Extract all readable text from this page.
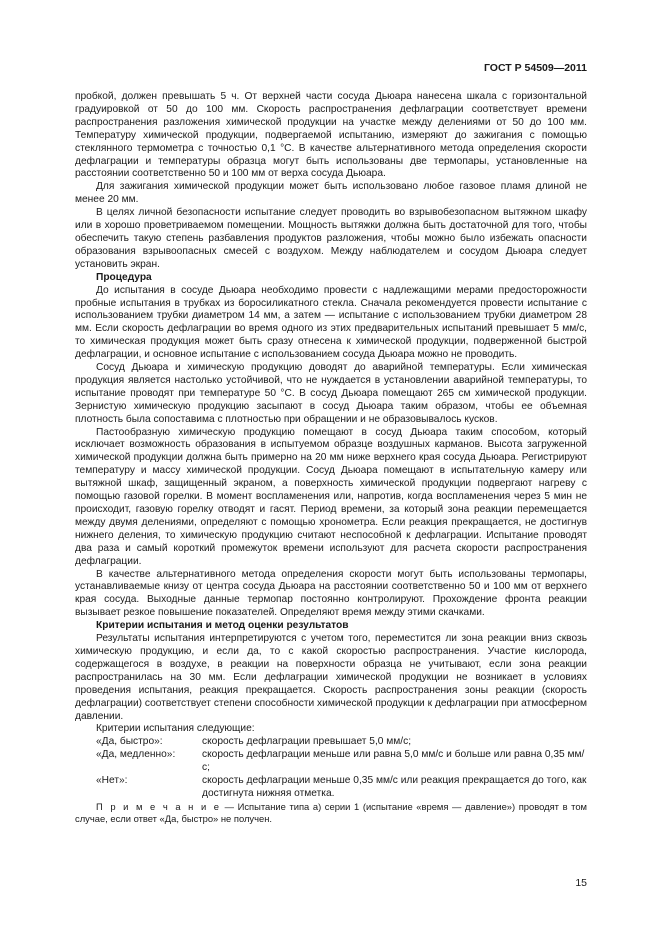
ГОСТ Р 54509—2011

пробкой, должен превышать 5 ч. От верхней части сосуда Дьюара нанесена шкала с горизонтальной градуировкой от 50 до 100 мм. Скорость распространения дефлаграции соответствует времени распространения разложения химической продукции на участке между делениями от 50 до 100 мм. Температуру химической продукции, подвергаемой испытанию, измеряют до зажигания с помощью стеклянного термометра с точностью 0,1 °С. В качестве альтернативного метода определения скорости дефлаграции и температуры образца могут быть использованы две термопары, установленные на расстоянии соответственно 50 и 100 мм от верха сосуда Дьюара.

Для зажигания химической продукции может быть использовано любое газовое пламя длиной не менее 20 мм.

В целях личной безопасности испытание следует проводить во взрывобезопасном вытяжном шкафу или в хорошо проветриваемом помещении. Мощность вытяжки должна быть достаточной для того, чтобы обеспечить такую степень разбавления продуктов разложения, чтобы можно было избежать опасности образования взрывоопасных смесей с воздухом. Между наблюдателем и сосудом Дьюара следует установить экран.

Процедура

До испытания в сосуде Дьюара необходимо провести с надлежащими мерами предосторожности пробные испытания в трубках из боросиликатного стекла. Сначала рекомендуется провести испытание с использованием трубки диаметром 14 мм, а затем — испытание с использованием трубки диаметром 28 мм. Если скорость дефлаграции во время одного из этих предварительных испытаний превышает 5 мм/с, то химическая продукция может быть сразу отнесена к химической продукции, подверженной быстрой дефлаграции, и основное испытание с использованием сосуда Дьюара можно не проводить.

Сосуд Дьюара и химическую продукцию доводят до аварийной температуры. Если химическая продукция является настолько устойчивой, что не нуждается в установлении аварийной температуры, то испытание проводят при температуре 50 °С. В сосуд Дьюара помещают 265 см химической продукции. Зернистую химическую продукцию засыпают в сосуд Дьюара таким образом, чтобы ее объемная плотность была сопоставима с плотностью при обращении и не образовывалось кусков.

Пастообразную химическую продукцию помещают в сосуд Дьюара таким способом, который исключает возможность образования в испытуемом образце воздушных карманов. Высота загруженной химической продукции должна быть примерно на 20 мм ниже верхнего края сосуда Дьюара. Регистрируют температуру и массу химической продукции. Сосуд Дьюара помещают в испытательную камеру или вытяжной шкаф, защищенный экраном, а поверхность химической продукции подвергают нагреву с помощью газовой горелки. В момент воспламенения или, напротив, когда воспламенения через 5 мин не происходит, газовую горелку отводят и гасят. Период времени, за который зона реакции перемещается между двумя делениями, определяют с помощью хронометра. Если реакция прекращается, не достигнув нижнего деления, то химическую продукцию считают неспособной к дефлаграции. Испытание проводят два раза и самый короткий промежуток времени используют для расчета скорости распространения дефлаграции.

В качестве альтернативного метода определения скорости могут быть использованы термопары, устанавливаемые книзу от центра сосуда Дьюара на расстоянии соответственно 50 и 100 мм от верхнего края сосуда. Выходные данные термопар постоянно контролируют. Прохождение фронта реакции вызывает резкое повышение показателей. Определяют время между этими скачками.

Критерии испытания и метод оценки результатов

Результаты испытания интерпретируются с учетом того, переместится ли зона реакции вниз сквозь химическую продукцию, и если да, то с какой скоростью распространения. Участие кислорода, содержащегося в воздухе, в реакции на поверхности образца не учитывают, если зона реакции распространилась на 30 мм. Если дефлаграции химической продукции не возникает в условиях проведения испытания, реакция прекращается. Скорость распространения зоны реакции (скорость дефлаграции) соответствует степени способности химической продукции к дефлаграции при атмосферном давлении.

Критерии испытания следующие:

«Да, быстро»:	скорость дефлаграции превышает 5,0 мм/с;
«Да, медленно»:	скорость дефлаграции меньше или равна 5,0 мм/с и больше или равна 0,35 мм/с;
«Нет»:	скорость дефлаграции меньше 0,35 мм/с или реакция прекращается до того, как достигнута нижняя отметка.

П р и м е ч а н и е — Испытание типа а) серии 1 (испытание «время — давление») проводят в том случае, если ответ «Да, быстро» не получен.

15
